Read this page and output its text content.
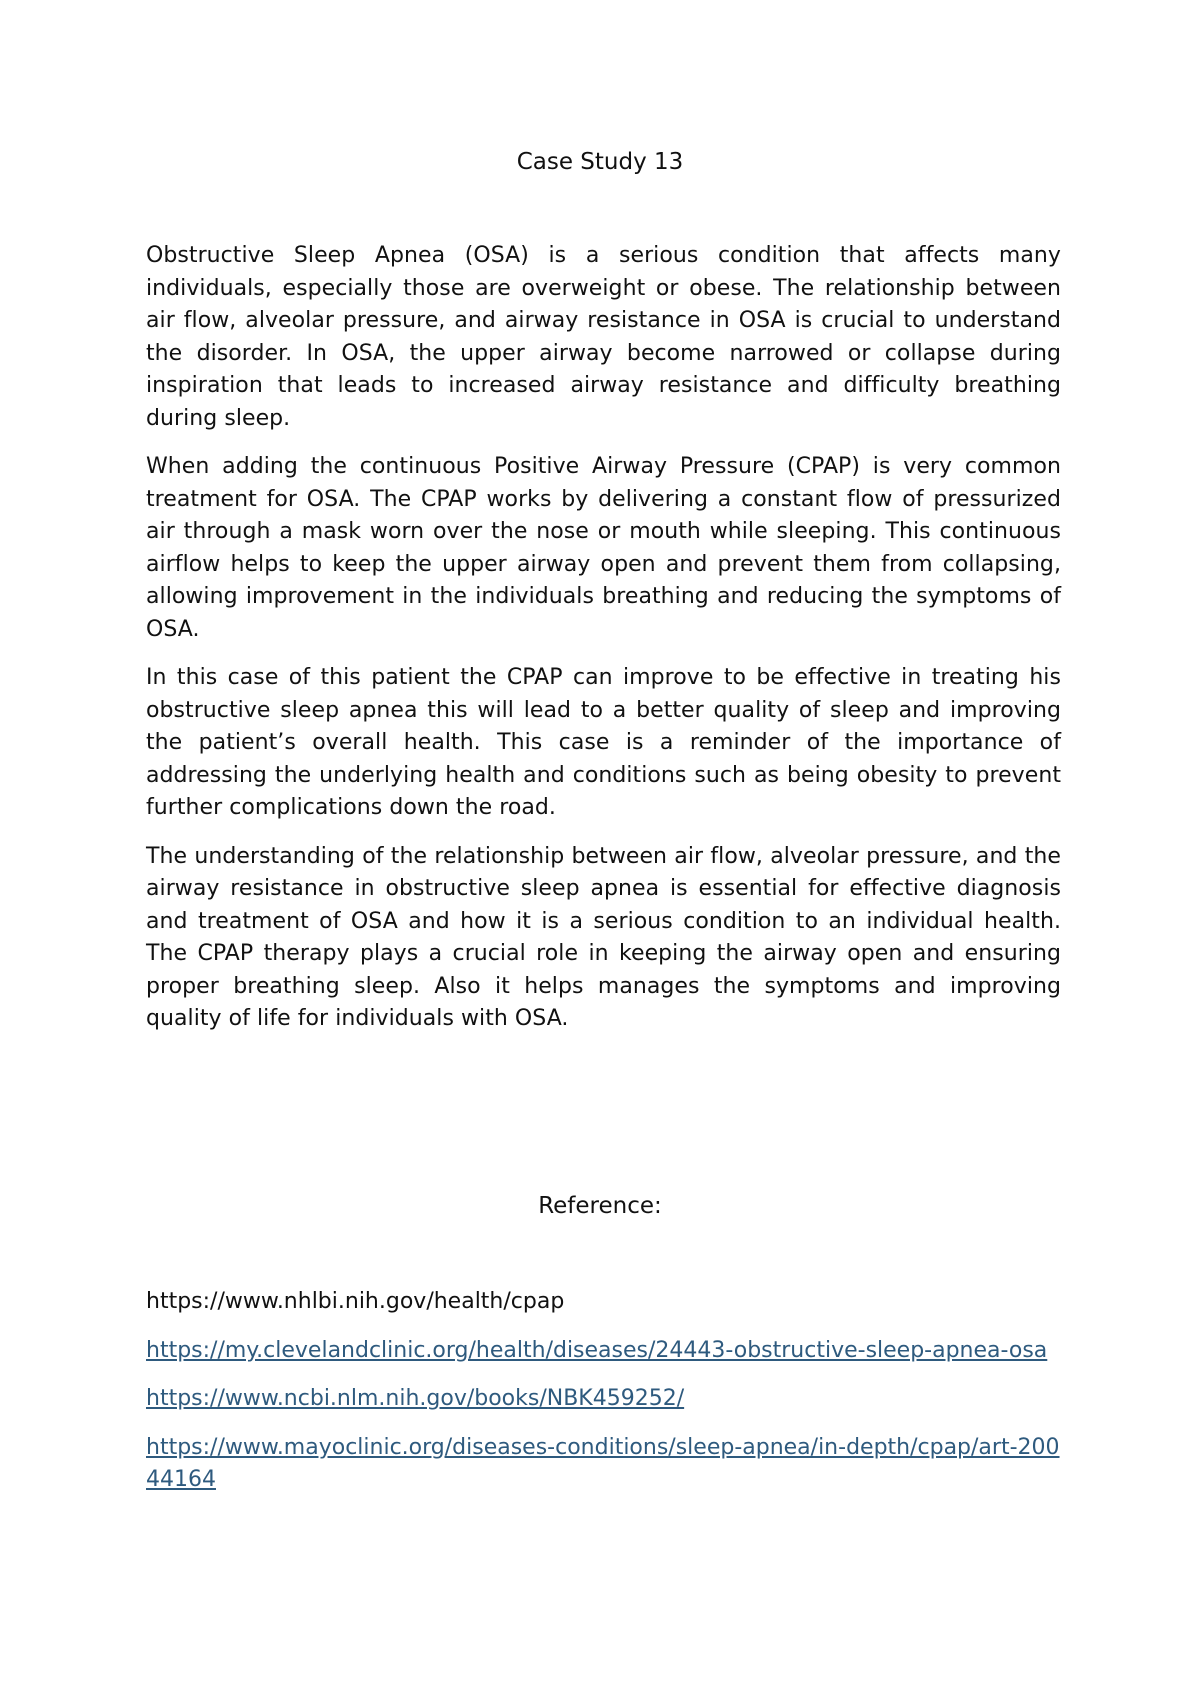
Case Study 13

Obstructive Sleep Apnea (OSA) is a serious condition that affects many individuals, especially those are overweight or obese. The relationship between air flow, alveolar pressure, and airway resistance in OSA is crucial to understand the disorder. In OSA, the upper airway become narrowed or collapse during inspiration that leads to increased airway resistance and difficulty breathing during sleep.

When adding the continuous Positive Airway Pressure (CPAP) is very common treatment for OSA. The CPAP works by delivering a constant flow of pressurized air through a mask worn over the nose or mouth while sleeping. This continuous airflow helps to keep the upper airway open and prevent them from collapsing, allowing improvement in the individuals breathing and reducing the symptoms of OSA.

In this case of this patient the CPAP can improve to be effective in treating his obstructive sleep apnea this will lead to a better quality of sleep and improving the patient’s overall health. This case is a reminder of the importance of addressing the underlying health and conditions such as being obesity to prevent further complications down the road.

The understanding of the relationship between air flow, alveolar pressure, and the airway resistance in obstructive sleep apnea is essential for effective diagnosis and treatment of OSA and how it is a serious condition to an individual health. The CPAP therapy plays a crucial role in keeping the airway open and ensuring proper breathing sleep. Also it helps manages the symptoms and improving quality of life for individuals with OSA.

Reference:
https://www.nhlbi.nih.gov/health/cpap
https://my.clevelandclinic.org/health/diseases/24443-obstructive-sleep-apnea-osa
https://www.ncbi.nlm.nih.gov/books/NBK459252/
https://www.mayoclinic.org/diseases-conditions/sleep-apnea/in-depth/cpap/art-20044164
